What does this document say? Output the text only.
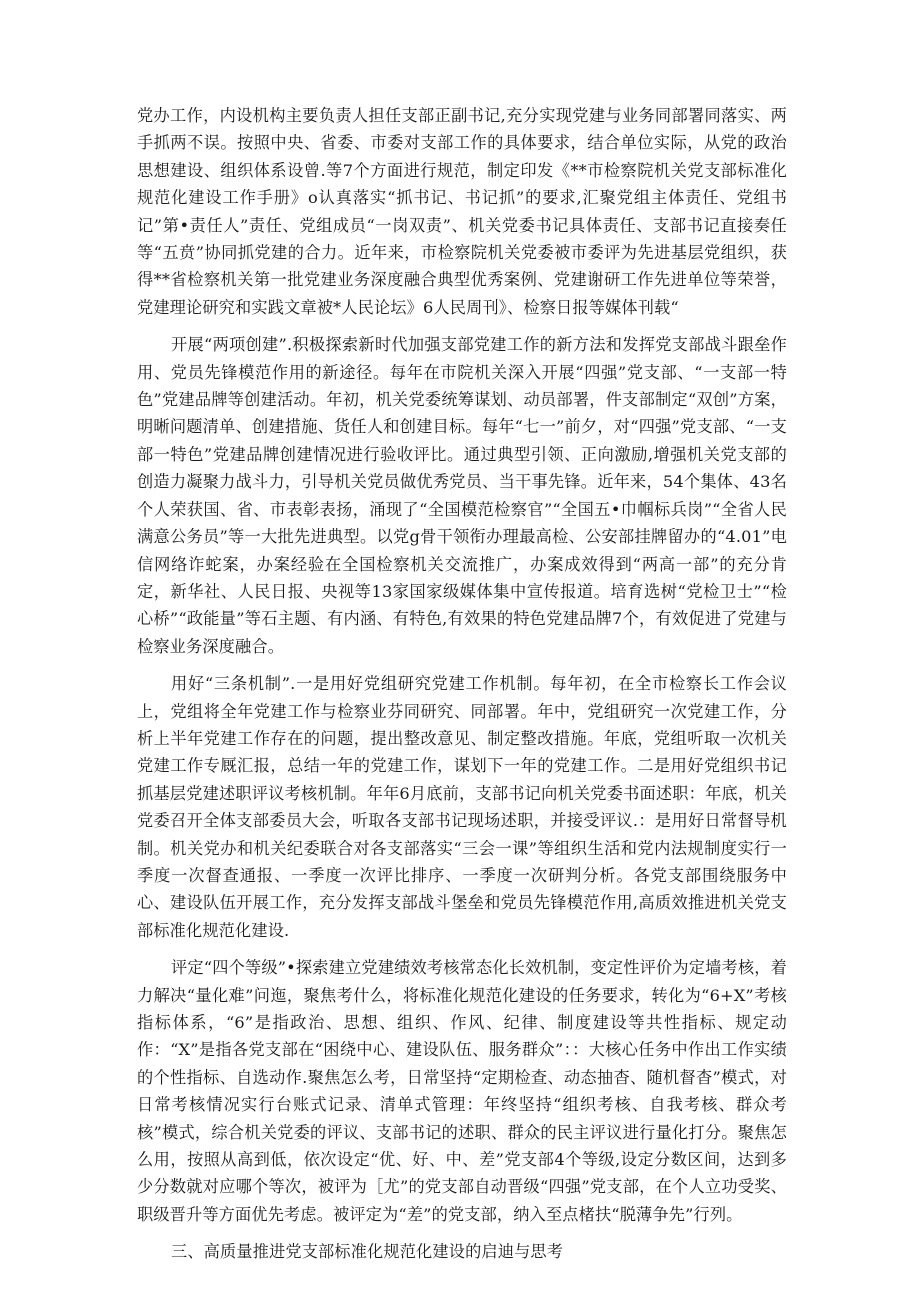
党办工作，内设机构主要负责人担任支部正副书记,充分实现党建与业务同部署同落实、两手抓两不误。按照中央、省委、市委对支部工作的具体要求，结合单位实际，从党的政治思想建设、组织体系设曾.等7个方面进行规范，制定印发《**市检察院机关党支部标准化规范化建设工作手册》o认真落实“抓书记、书记抓”的要求,汇聚党组主体责任、党组书记”第•责任人”责任、党组成员“一岗双责”、机关党委书记具体责任、支部书记直接奏任等“五贲”协同抓党建的合力。近年来，市检察院机关党委被市委评为先进基层党组织，获得**省检察机关第一批党建业务深度融合典型优秀案例、党建谢研工作先进单位等荣誉，党建理论研究和实践文章被*人民论坛》6人民周刊》、检察日报等媒体刊载“

开展“两项创建”.积极探索新时代加强支部党建工作的新方法和发挥党支部战斗跟垒作用、党员先锋模范作用的新途径。每年在市院机关深入开展“四强”党支部、“一支部一特色”党建品牌等创建活动。年初，机关党委统筹谋划、动员部署，件支部制定“双创”方案，明晰问题清单、创建措施、货任人和创建目标。每年“七一”前夕，对“四强”党支部、“一支部一特色”党建品牌创建情况进行验收评比。通过典型引领、正向激励,增强机关党支部的创造力凝聚力战斗力，引导机关党员做优秀党员、当干事先锋。近年来，54个集体、43名个人荣获国、省、市表彰表扬，涌现了“全国模范检察官”“全国五•巾帼标兵岗”“全省人民满意公务员”等一大批先进典型。以党g骨干领衔办理最高检、公安部挂牌留办的“4.01”电信网络诈蛇案，办案经验在全国检察机关交流推广，办案成效得到“两高一部”的充分肯定，新华社、人民日报、央视等13家国家级媒体集中宣传报道。培育选树“党检卫士”“检心桥”“政能量”等石主题、有内涵、有特色,有效果的特色党建品牌7个，有效促进了党建与检察业务深度融合。

用好“三条机制”.一是用好党组研究党建工作机制。每年初，在全市检察长工作会议上，党组将全年党建工作与检察业芬同研究、同部署。年中，党组研究一次党建工作，分析上半年党建工作存在的问题，提出整改意见、制定整改措施。年底，党组听取一次机关党建工作专厩汇报，总结一年的党建工作，谋划下一年的党建工作。二是用好党组织书记抓基层党建述职评议考核机制。年年6月底前，支部书记向机关党委书面述职：年底，机关党委召开全体支部委员大会，听取各支部书记现场述职，并接受评议.：是用好日常督导机制。机关党办和机关纪委联合对各支部落实“三会一课”等组织生活和党内法规制度实行一季度一次督查通报、一季度一次评比排序、一季度一次研判分析。各党支部围绕服务中心、建设队伍开展工作，充分发挥支部战斗堡垒和党员先锋模范作用,高质效推进机关党支部标准化规范化建设.

评定“四个等级”•探索建立党建绩效考核常态化长效机制，变定性评价为定墙考核，着力解决“量化难”问迤，聚焦考什么，将标准化规范化建设的任务要求，转化为“6+X”考核指标体系，“6”是指政治、思想、组织、作风、纪律、制度建设等共性指标、规定动作：“X”是指各党支部在“困绕中心、建设队伍、服务群众”：：大核心任务中作出工作实绩的个性指标、自选动作.聚焦怎么考，日常坚持“定期检查、动态抽杳、随机督杳”模式，对日常考核情况实行台账式记录、清单式管理：年终坚持“组织考核、自我考核、群众考核”模式，综合机关党委的评议、支部书记的述职、群众的民主评议进行量化打分。聚焦怎么用，按照从高到低，依次设定“优、好、中、差”党支部4个等级,设定分数区间，达到多少分数就对应哪个等次，被评为［尤”的党支部自动晋级“四强”党支部，在个人立功受奖、职级晋升等方面优先考虑。被评定为“差”的党支部，纳入至点楮扶“脱薄争先”行列。

三、高质量推进党支部标准化规范化建设的启迪与思考
